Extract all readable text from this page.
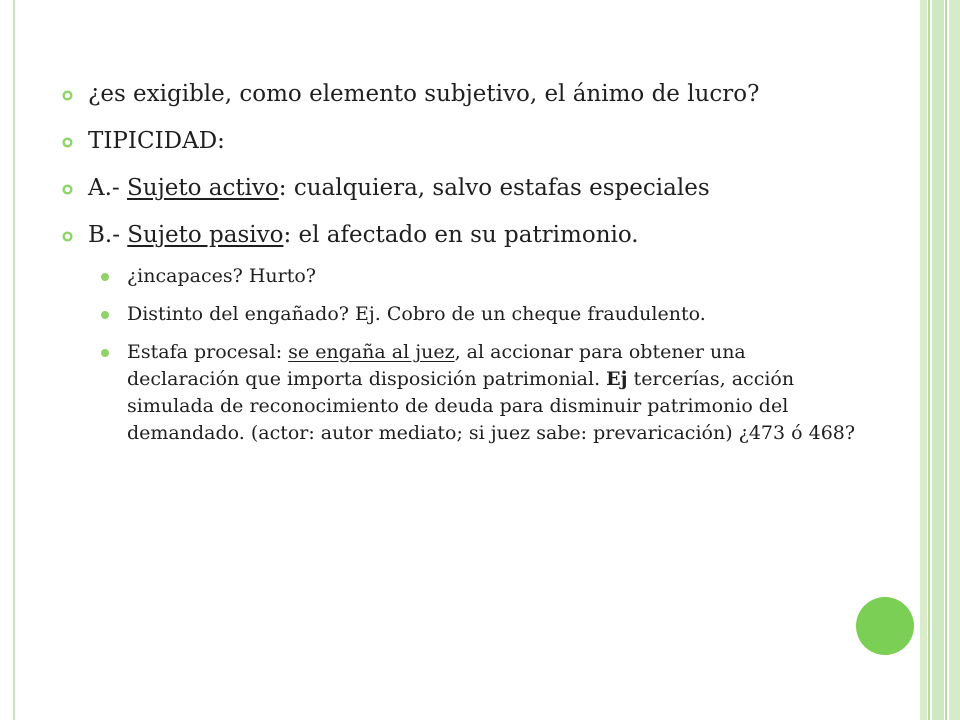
¿es exigible, como elemento subjetivo, el ánimo de lucro?
TIPICIDAD:
A.- Sujeto activo: cualquiera, salvo estafas especiales
B.- Sujeto pasivo: el afectado en su patrimonio.
¿incapaces? Hurto?
Distinto del engañado? Ej. Cobro de un cheque fraudulento.
Estafa procesal: se engaña al juez, al accionar para obtener una declaración que importa disposición patrimonial. Ej tercerías, acción simulada de reconocimiento de deuda para disminuir patrimonio del demandado. (actor: autor mediato; si juez sabe: prevaricación) ¿473 ó 468?
